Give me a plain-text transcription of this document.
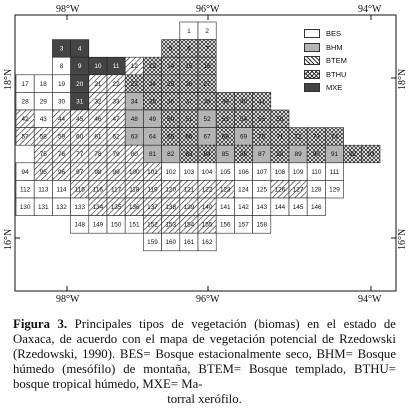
1 2
3 4	5 6 7
8 9 10 11 12 13 14 15 16
17 18 19 20 21 22 23 24 25 26 27
28 29 30 31 32 33 34 35 36 37 38 39 40 41
42 43 44 45 46 47 48 49 50 51 52 53 54 55 56
57 58 59 60 61 62 63 64 65 66 67 68 69 70 71 72 73 74
75 76 77 78 79 80 81 82 83 84 85 86 87 88 89 90 91 92 93
94 95 96 97 98 99 100 101 102 103 104 105 106 107 108 109 110 111
112 113 114 115 116 117 118 119 120 121 122 123 124 125 126 127 128 129
130 131 132 133 134 135 136 137 138 139 140 141 142 143 144 145 146
148 149 150 151 152 153 154 155 156 157 158
159 160 161 162
98°W	96°W	94°W
98°W	96°W	94°W
18°N
16°N
18°N
16°N
BES
BHM
BTEM
BTHU
MXE
Figura 3. Principales tipos de vegetación (biomas) en el estado de Oaxaca, de acuerdo con el mapa de vegetación potencial de Rzedowski (Rzedowski, 1990). BES= Bosque estacionalmente seco, BHM= Bosque húmedo (mesófilo) de montaña, BTEM= Bosque templado, BTHU= bosque tropical húmedo, MXE= Ma-
torral xerófilo.
